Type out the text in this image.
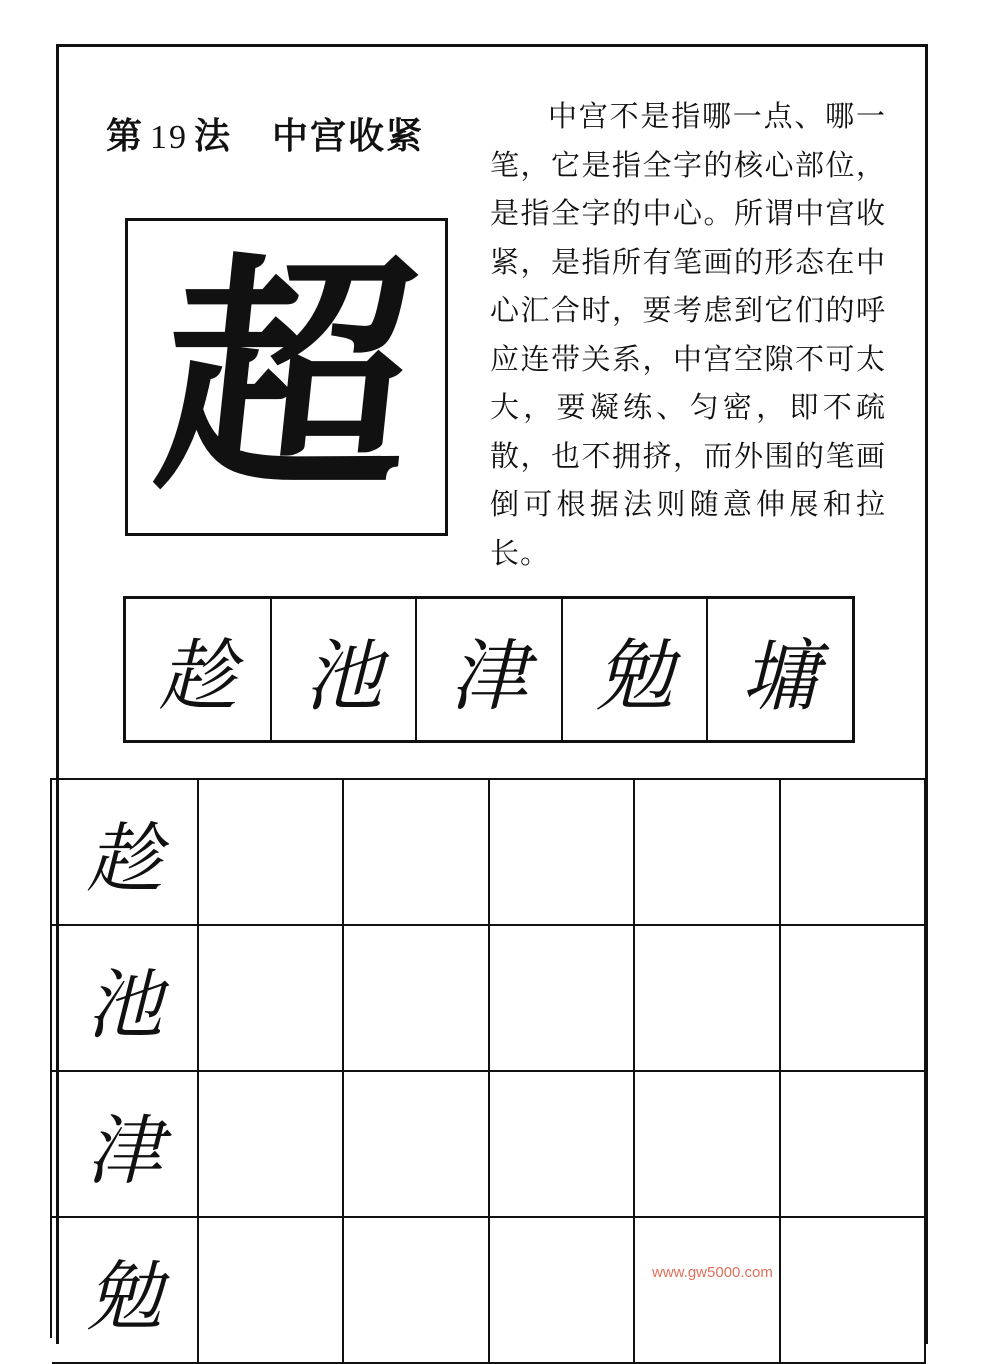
第 19 法 中宫收紧
超

中宫不是指哪一点、哪一笔，它是指全字的核心部位，是指全字的中心。所谓中宫收紧，是指所有笔画的形态在中心汇合时，要考虑到它们的呼应连带关系，中宫空隙不可太大，要凝练、匀密，即不疏散，也不拥挤，而外围的笔画倒可根据法则随意伸展和拉长。

趁 池 津 勉 墉
趁
池
津
勉	www.gw5000.com
